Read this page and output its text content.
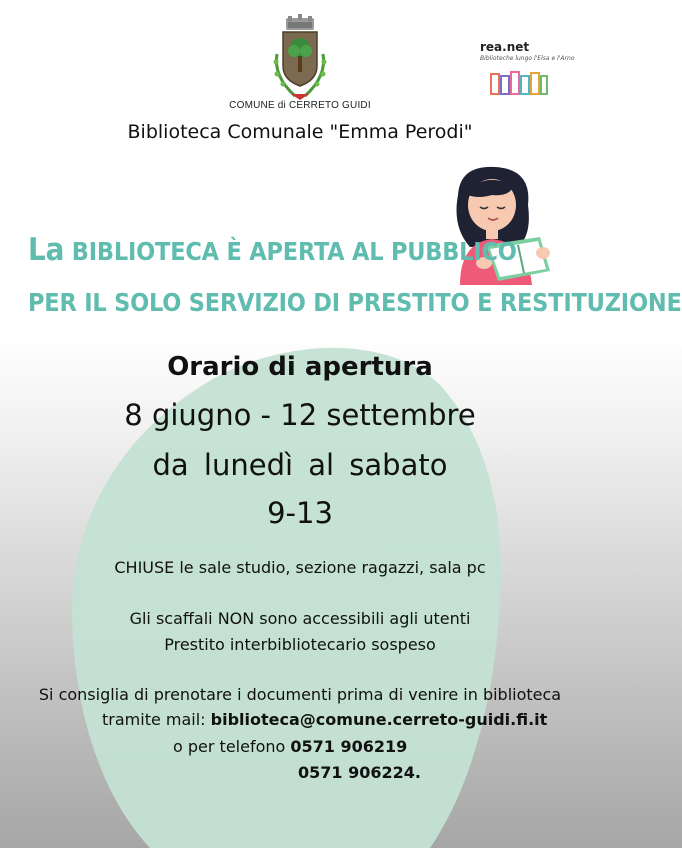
COMUNE di CERRETO GUIDI
rea.net
Biblioteche lungo l'Elsa e l'Arno
Biblioteca Comunale "Emma Perodi"
La BIBLIOTECA È APERTA AL PUBBLICO
PER IL SOLO SERVIZIO DI PRESTITO E RESTITUZIONE
Orario di apertura
8 giugno - 12 settembre
da lunedì al sabato
9-13
CHIUSE le sale studio, sezione ragazzi, sala pc
Gli scaffali NON sono accessibili agli utenti
Prestito interbibliotecario sospeso
Si consiglia di prenotare i documenti prima di venire in biblioteca
tramite mail: biblioteca@comune.cerreto-guidi.fi.it
o per telefono 0571 906219
0571 906224.
